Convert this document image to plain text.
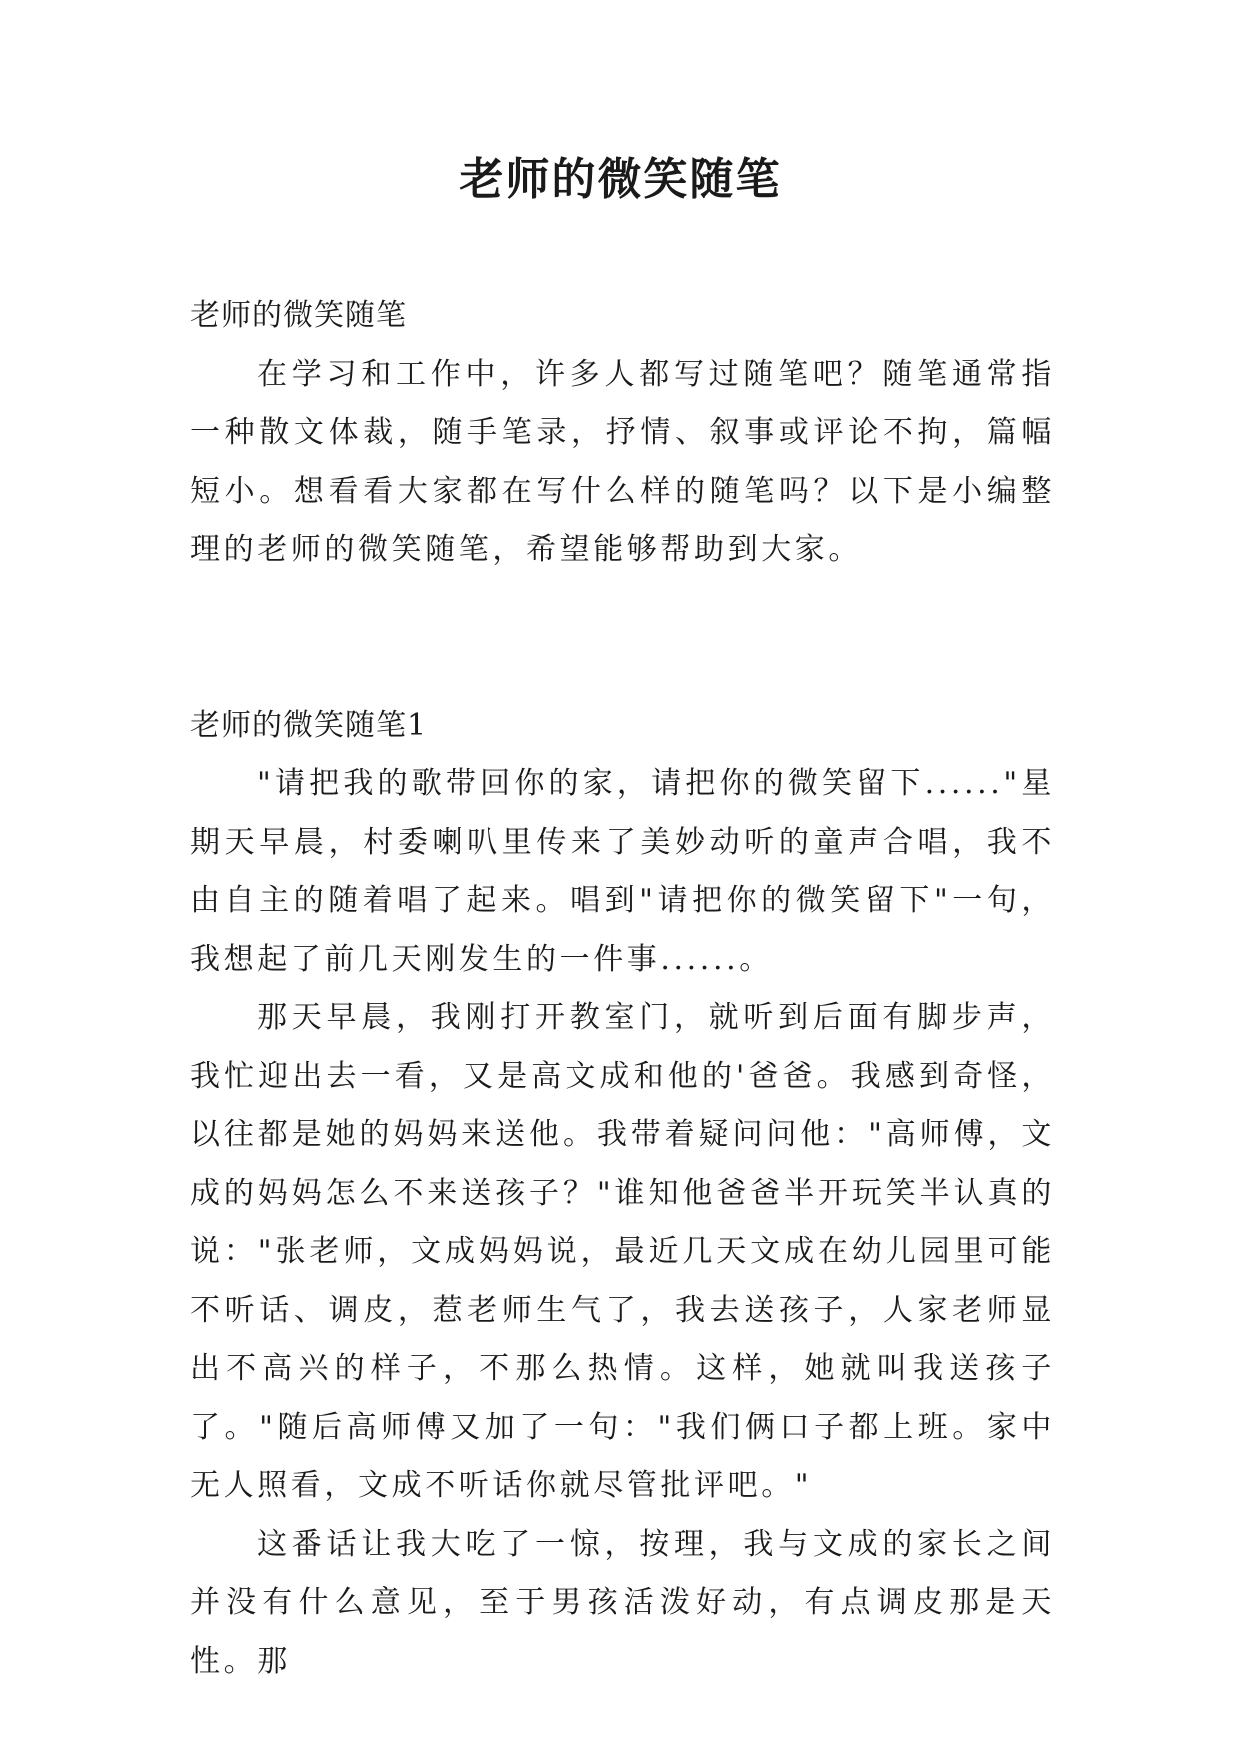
老师的微笑随笔

老师的微笑随笔

在学习和工作中，许多人都写过随笔吧？随笔通常指一种散文体裁，随手笔录，抒情、叙事或评论不拘，篇幅短小。想看看大家都在写什么样的随笔吗？以下是小编整理的老师的微笑随笔，希望能够帮助到大家。

老师的微笑随笔1

"请把我的歌带回你的家，请把你的微笑留下......"星期天早晨，村委喇叭里传来了美妙动听的童声合唱，我不由自主的随着唱了起来。唱到"请把你的微笑留下"一句，我想起了前几天刚发生的一件事......。

那天早晨，我刚打开教室门，就听到后面有脚步声，我忙迎出去一看，又是高文成和他的'爸爸。我感到奇怪，以往都是她的妈妈来送他。我带着疑问问他："高师傅，文成的妈妈怎么不来送孩子？"谁知他爸爸半开玩笑半认真的说："张老师，文成妈妈说，最近几天文成在幼儿园里可能不听话、调皮，惹老师生气了，我去送孩子，人家老师显出不高兴的样子，不那么热情。这样，她就叫我送孩子了。"随后高师傅又加了一句："我们俩口子都上班。家中无人照看，文成不听话你就尽管批评吧。"

这番话让我大吃了一惊，按理，我与文成的家长之间并没有什么意见，至于男孩活泼好动，有点调皮那是天性。那
